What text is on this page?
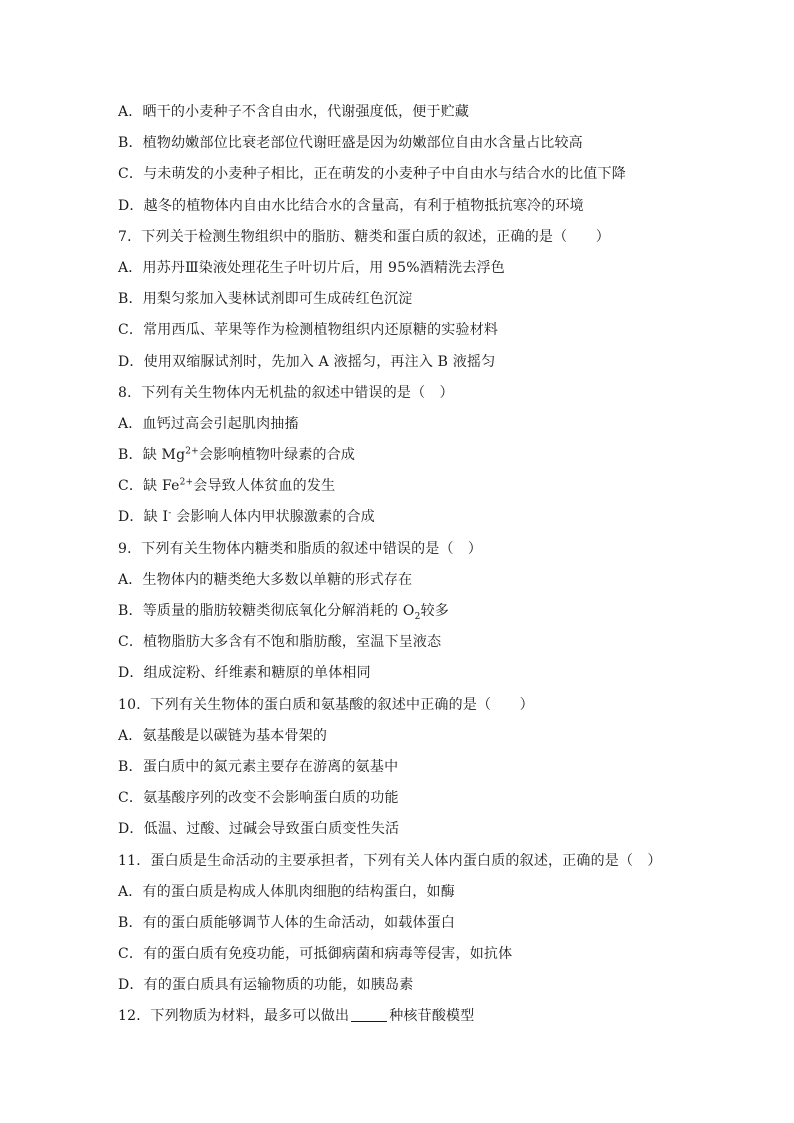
A．晒干的小麦种子不含自由水，代谢强度低，便于贮藏
B．植物幼嫩部位比衰老部位代谢旺盛是因为幼嫩部位自由水含量占比较高
C．与未萌发的小麦种子相比，正在萌发的小麦种子中自由水与结合水的比值下降
D．越冬的植物体内自由水比结合水的含量高，有利于植物抵抗寒冷的环境
7．下列关于检测生物组织中的脂肪、糖类和蛋白质的叙述，正确的是（　　）
A．用苏丹Ⅲ染液处理花生子叶切片后，用 95%酒精洗去浮色
B．用梨匀浆加入斐林试剂即可生成砖红色沉淀
C．常用西瓜、苹果等作为检测植物组织内还原糖的实验材料
D．使用双缩脲试剂时，先加入 A 液摇匀，再注入 B 液摇匀
8．下列有关生物体内无机盐的叙述中错误的是（　）
A．血钙过高会引起肌肉抽搐
B．缺 $Mg^{2+}$会影响植物叶绿素的合成
C．缺 $Fe^{2+}$会导致人体贫血的发生
D．缺 I- 会影响人体内甲状腺激素的合成
9．下列有关生物体内糖类和脂质的叙述中错误的是（　）
A．生物体内的糖类绝大多数以单糖的形式存在
B．等质量的脂肪较糖类彻底氧化分解消耗的 $O_2$较多
C．植物脂肪大多含有不饱和脂肪酸，室温下呈液态
D．组成淀粉、纤维素和糖原的单体相同
10．下列有关生物体的蛋白质和氨基酸的叙述中正确的是（　　）
A．氨基酸是以碳链为基本骨架的
B．蛋白质中的氮元素主要存在游离的氨基中
C．氨基酸序列的改变不会影响蛋白质的功能
D．低温、过酸、过碱会导致蛋白质变性失活
11．蛋白质是生命活动的主要承担者，下列有关人体内蛋白质的叙述，正确的是（　）
A．有的蛋白质是构成人体肌肉细胞的结构蛋白，如酶
B．有的蛋白质能够调节人体的生命活动，如载体蛋白
C．有的蛋白质有免疫功能，可抵御病菌和病毒等侵害，如抗体
D．有的蛋白质具有运输物质的功能，如胰岛素
12．下列物质为材料，最多可以做出	种核苷酸模型
